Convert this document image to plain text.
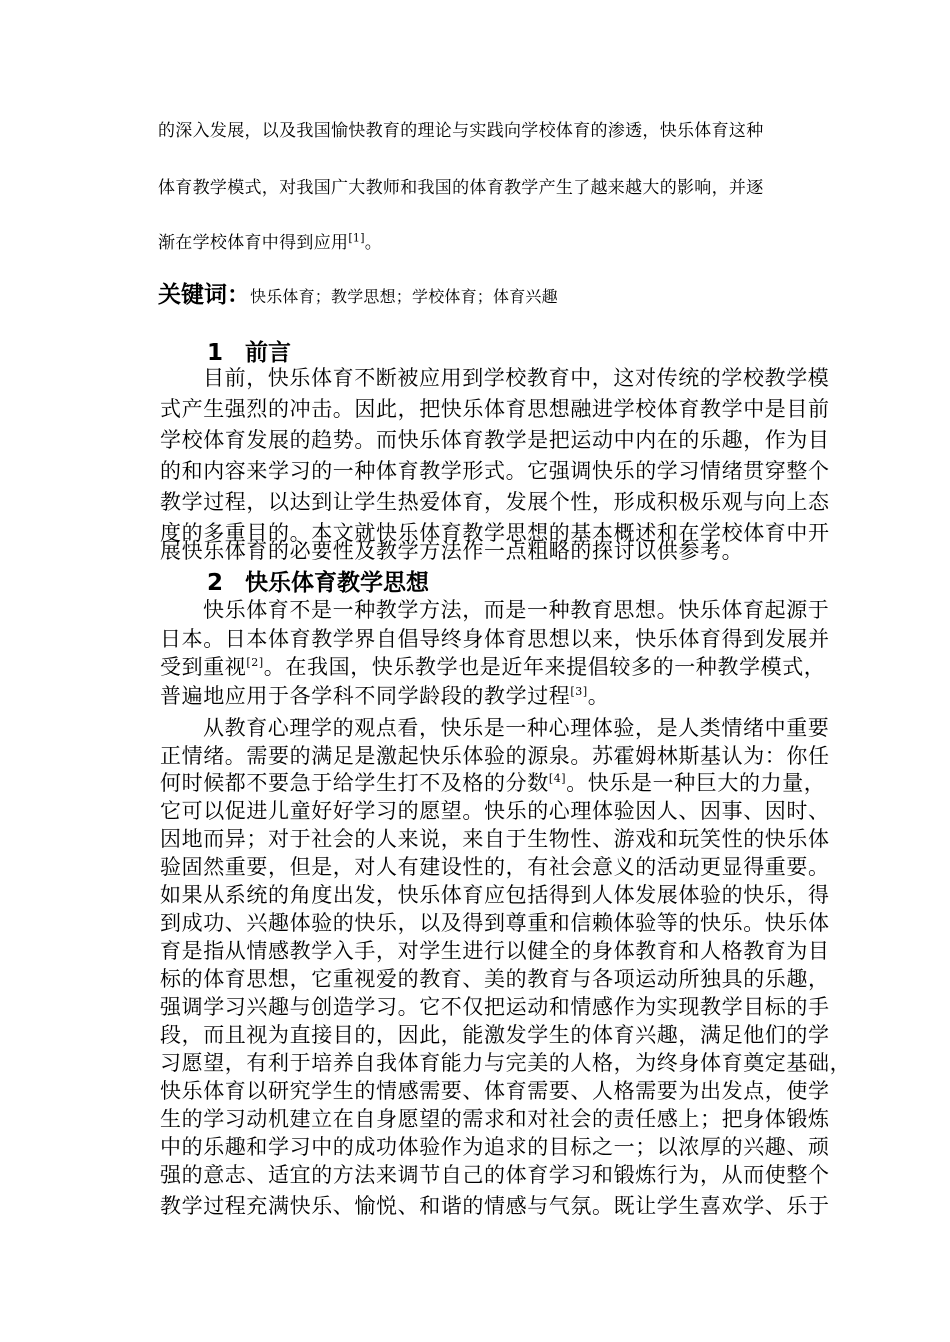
的深入发展，以及我国愉快教育的理论与实践向学校体育的渗透，快乐体育这种
体育教学模式，对我国广大教师和我国的体育教学产生了越来越大的影响，并逐
渐在学校体育中得到应用[1]。
关键词：快乐体育；教学思想；学校体育；体育兴趣
1 前言
目前，快乐体育不断被应用到学校教育中，这对传统的学校教学模
式产生强烈的冲击。因此，把快乐体育思想融进学校体育教学中是目前
学校体育发展的趋势。而快乐体育教学是把运动中内在的乐趣，作为目
的和内容来学习的一种体育教学形式。它强调快乐的学习情绪贯穿整个
教学过程，以达到让学生热爱体育，发展个性，形成积极乐观与向上态
度的多重目的。本文就快乐体育教学思想的基本概述和在学校体育中开
展快乐体育的必要性及教学方法作一点粗略的探讨以供参考。
2 快乐体育教学思想
快乐体育不是一种教学方法，而是一种教育思想。快乐体育起源于
日本。日本体育教学界自倡导终身体育思想以来，快乐体育得到发展并
受到重视[2]。在我国，快乐教学也是近年来提倡较多的一种教学模式，
普遍地应用于各学科不同学龄段的教学过程[3]。
从教育心理学的观点看，快乐是一种心理体验，是人类情绪中重要
正情绪。需要的满足是激起快乐体验的源泉。苏霍姆林斯基认为：你任
何时候都不要急于给学生打不及格的分数[4]。快乐是一种巨大的力量，
它可以促进儿童好好学习的愿望。快乐的心理体验因人、因事、因时、
因地而异；对于社会的人来说，来自于生物性、游戏和玩笑性的快乐体
验固然重要，但是，对人有建设性的，有社会意义的活动更显得重要。
如果从系统的角度出发，快乐体育应包括得到人体发展体验的快乐，得
到成功、兴趣体验的快乐，以及得到尊重和信赖体验等的快乐。快乐体
育是指从情感教学入手，对学生进行以健全的身体教育和人格教育为目
标的体育思想，它重视爱的教育、美的教育与各项运动所独具的乐趣，
强调学习兴趣与创造学习。它不仅把运动和情感作为实现教学目标的手
段，而且视为直接目的，因此，能激发学生的体育兴趣，满足他们的学
习愿望，有利于培养自我体育能力与完美的人格，为终身体育奠定基础，
快乐体育以研究学生的情感需要、体育需要、人格需要为出发点，使学
生的学习动机建立在自身愿望的需求和对社会的责任感上；把身体锻炼
中的乐趣和学习中的成功体验作为追求的目标之一；以浓厚的兴趣、顽
强的意志、适宜的方法来调节自己的体育学习和锻炼行为，从而使整个
教学过程充满快乐、愉悦、和谐的情感与气氛。既让学生喜欢学、乐于
